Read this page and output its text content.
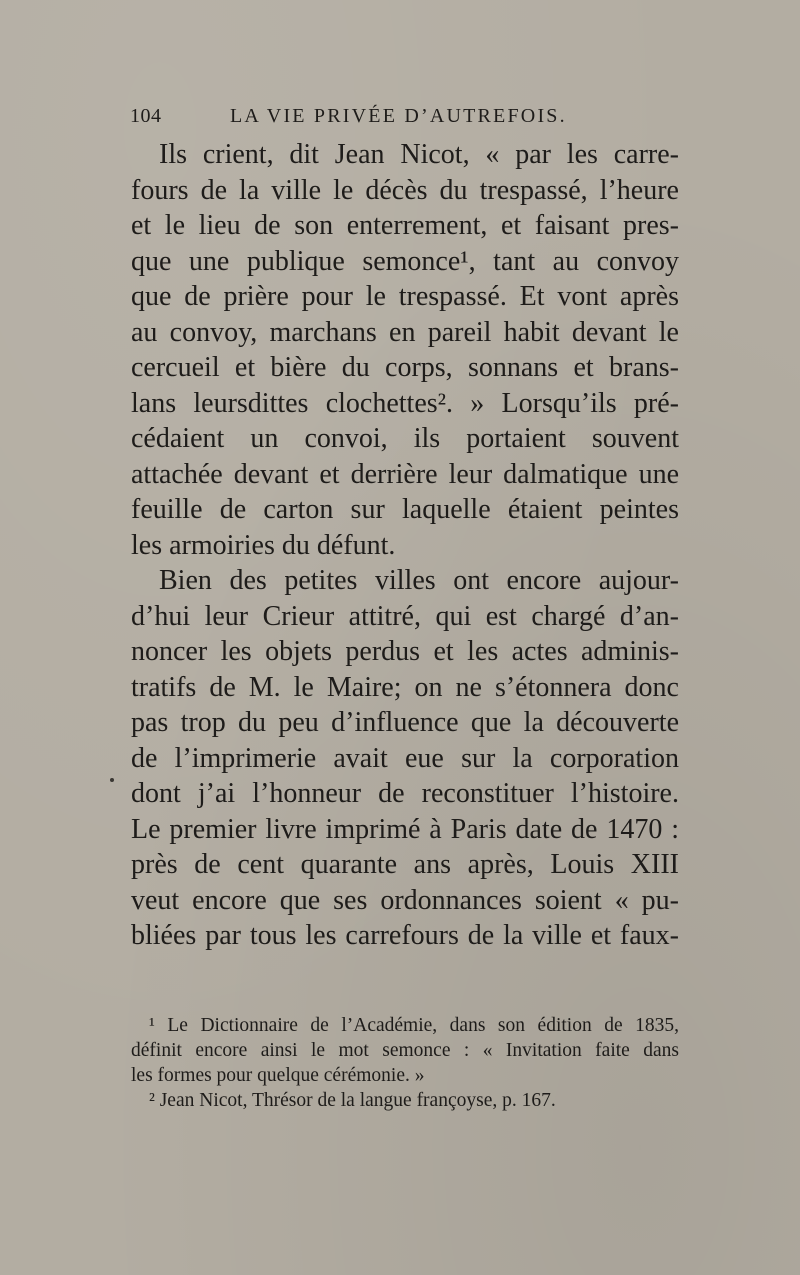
104	LA VIE PRIVÉE D’AUTREFOIS.
Ils crient, dit Jean Nicot, « par les carre-
fours de la ville le décès du trespassé, l’heure
et le lieu de son enterrement, et faisant pres-
que une publique semonce¹, tant au convoy
que de prière pour le trespassé. Et vont après
au convoy, marchans en pareil habit devant le
cercueil et bière du corps, sonnans et brans-
lans leursdittes clochettes². » Lorsqu’ils pré-
cédaient un convoi, ils portaient souvent
attachée devant et derrière leur dalmatique une
feuille de carton sur laquelle étaient peintes
les armoiries du défunt.
Bien des petites villes ont encore aujour-
d’hui leur Crieur attitré, qui est chargé d’an-
noncer les objets perdus et les actes adminis-
tratifs de M. le Maire; on ne s’étonnera donc
pas trop du peu d’influence que la découverte
de l’imprimerie avait eue sur la corporation
dont j’ai l’honneur de reconstituer l’histoire.
Le premier livre imprimé à Paris date de 1470 :
près de cent quarante ans après, Louis XIII
veut encore que ses ordonnances soient « pu-
bliées par tous les carrefours de la ville et faux-
¹ Le Dictionnaire de l’Académie, dans son édition de 1835,
définit encore ainsi le mot semonce : « Invitation faite dans
les formes pour quelque cérémonie. »
² Jean Nicot, Thrésor de la langue françoyse, p. 167.
